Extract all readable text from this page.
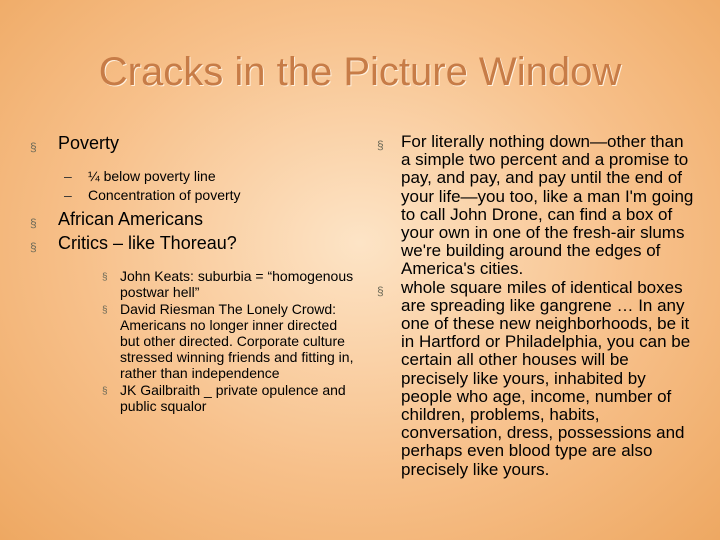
Cracks in the Picture Window
§ Poverty
– ¼ below poverty line
– Concentration of poverty
§ African Americans
§ Critics – like Thoreau?
§ John Keats: suburbia = “homogenous postwar hell”
§ David Riesman The Lonely Crowd: Americans no longer inner directed but other directed. Corporate culture stressed winning friends and fitting in, rather than independence
§ JK Gailbraith _ private opulence and public squalor
§ For literally nothing down—other than a simple two percent and a promise to pay, and pay, and pay until the end of your life—you too, like a man I'm going to call John Drone, can find a box of your own in one of the fresh-air slums we're building around the edges of America's cities.
§ whole square miles of identical boxes are spreading like gangrene … In any one of these new neighborhoods, be it in Hartford or Philadelphia, you can be certain all other houses will be precisely like yours, inhabited by people who age, income, number of children, problems, habits, conversation, dress, possessions and perhaps even blood type are also precisely like yours.
